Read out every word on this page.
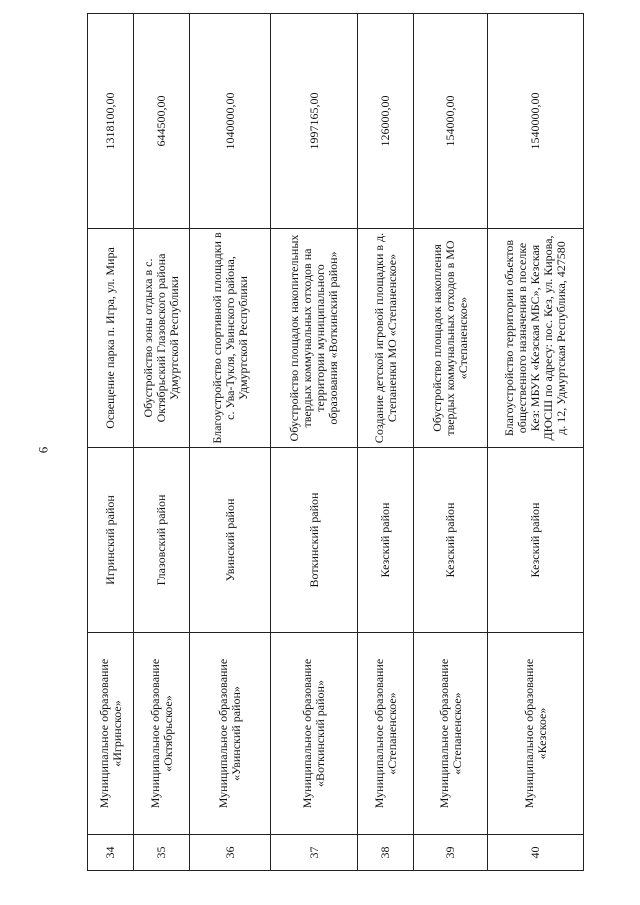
6
34	Муниципальное образование «Игринское»	Игринский район	Освещение парка п. Игра, ул. Мира	1318100,00
35	Муниципальное образование «Октябрьское»	Глазовский район	Обустройство зоны отдыха в с. Октябрьский Глазовского района Удмуртской Республики	644500,00
36	Муниципальное образование «Увинский район»	Увинский район	Благоустройство спортивной площадки в с. Ува-Тукля, Увинского района, Удмуртской Республики	1040000,00
37	Муниципальное образование «Воткинский район»	Воткинский район	Обустройство площадок накопительных твердых коммунальных отходов на территории муниципального образования «Воткинский район»	1997165,00
38	Муниципальное образование «Степаненское»	Кезский район	Создание детской игровой площадки в д. Степаненки МО «Степаненское»	126000,00
39	Муниципальное образование «Степаненское»	Кезский район	Обустройство площадок накопления твердых коммунальных отходов в МО «Степаненское»	154000,00
40	Муниципальное образование «Кезское»	Кезский район	Благоустройство территории объектов общественного назначения в поселке Кез: МБУК «Кезская МБС», Кезская ДЮСШ по адресу: пос. Кез, ул. Кирова, д. 12, Удмуртская Республика, 427580	1540000,00
